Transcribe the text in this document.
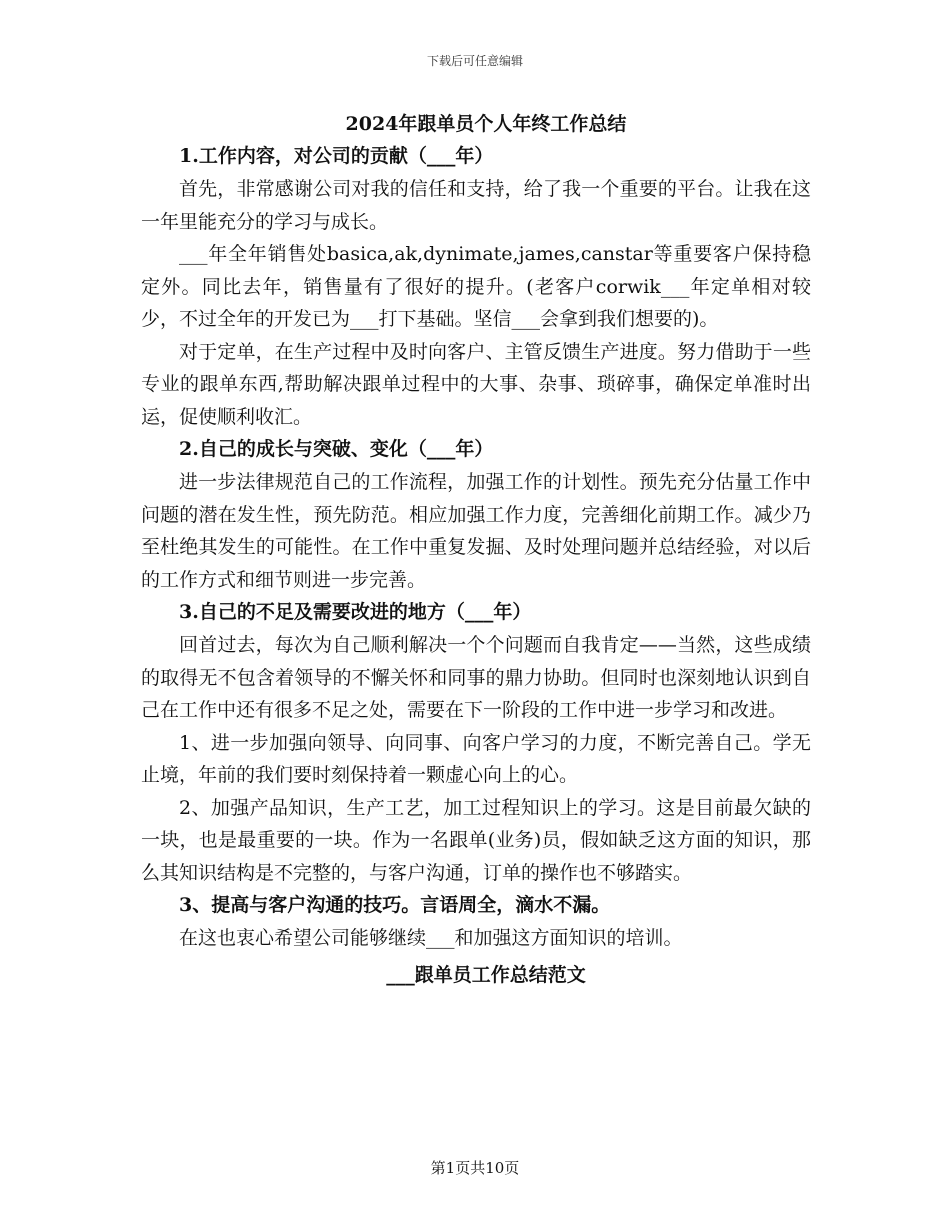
下载后可任意编辑
2024年跟单员个人年终工作总结
1.工作内容，对公司的贡献（___年）

首先，非常感谢公司对我的信任和支持，给了我一个重要的平台。让我在这一年里能充分的学习与成长。

___年全年销售处basica,ak,dynimate,james,canstar等重要客户保持稳定外。同比去年，销售量有了很好的提升。(老客户corwik___年定单相对较少，不过全年的开发已为___打下基础。坚信___会拿到我们想要的)。

对于定单，在生产过程中及时向客户、主管反馈生产进度。努力借助于一些专业的跟单东西,帮助解决跟单过程中的大事、杂事、琐碎事，确保定单准时出运，促使顺利收汇。

2.自己的成长与突破、变化（___年）

进一步法律规范自己的工作流程，加强工作的计划性。预先充分估量工作中问题的潜在发生性，预先防范。相应加强工作力度，完善细化前期工作。减少乃至杜绝其发生的可能性。在工作中重复发掘、及时处理问题并总结经验，对以后的工作方式和细节则进一步完善。

3.自己的不足及需要改进的地方（___年）

回首过去，每次为自己顺利解决一个个问题而自我肯定——当然，这些成绩的取得无不包含着领导的不懈关怀和同事的鼎力协助。但同时也深刻地认识到自己在工作中还有很多不足之处，需要在下一阶段的工作中进一步学习和改进。

1、进一步加强向领导、向同事、向客户学习的力度，不断完善自己。学无止境，年前的我们要时刻保持着一颗虚心向上的心。

2、加强产品知识，生产工艺，加工过程知识上的学习。这是目前最欠缺的一块，也是最重要的一块。作为一名跟单(业务)员，假如缺乏这方面的知识，那么其知识结构是不完整的，与客户沟通，订单的操作也不够踏实。

3、提高与客户沟通的技巧。言语周全，滴水不漏。

在这也衷心希望公司能够继续___和加强这方面知识的培训。

___跟单员工作总结范文
第1页共10页
